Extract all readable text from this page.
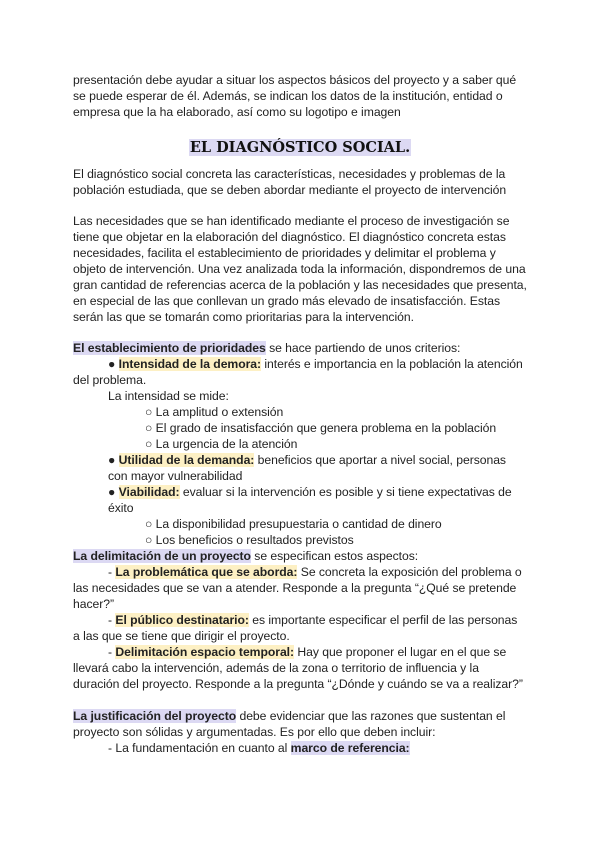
presentación debe ayudar a situar los aspectos básicos del proyecto y a saber qué
se puede esperar de él. Además, se indican los datos de la institución, entidad o
empresa que la ha elaborado, así como su logotipo e imagen
EL DIAGNÓSTICO SOCIAL.
El diagnóstico social concreta las características, necesidades y problemas de la
población estudiada, que se deben abordar mediante el proyecto de intervención
Las necesidades que se han identificado mediante el proceso de investigación se
tiene que objetar en la elaboración del diagnóstico. El diagnóstico concreta estas
necesidades, facilita el establecimiento de prioridades y delimitar el problema y
objeto de intervención. Una vez analizada toda la información, dispondremos de una
gran cantidad de referencias acerca de la población y las necesidades que presenta,
en especial de las que conllevan un grado más elevado de insatisfacción. Estas
serán las que se tomarán como prioritarias para la intervención.
El establecimiento de prioridades se hace partiendo de unos criterios:
● Intensidad de la demora: interés e importancia en la población la atención
del problema.
La intensidad se mide:
○ La amplitud o extensión
○ El grado de insatisfacción que genera problema en la población
○ La urgencia de la atención
● Utilidad de la demanda: beneficios que aportar a nivel social, personas
con mayor vulnerabilidad
● Viabilidad: evaluar si la intervención es posible y si tiene expectativas de
éxito
○ La disponibilidad presupuestaria o cantidad de dinero
○ Los beneficios o resultados previstos
La delimitación de un proyecto se especifican estos aspectos:
- La problemática que se aborda: Se concreta la exposición del problema o
las necesidades que se van a atender. Responde a la pregunta “¿Qué se pretende
hacer?”
- El público destinatario: es importante especificar el perfil de las personas
a las que se tiene que dirigir el proyecto.
- Delimitación espacio temporal: Hay que proponer el lugar en el que se
llevará cabo la intervención, además de la zona o territorio de influencia y la
duración del proyecto. Responde a la pregunta “¿Dónde y cuándo se va a realizar?”
La justificación del proyecto debe evidenciar que las razones que sustentan el
proyecto son sólidas y argumentadas. Es por ello que deben incluir:
- La fundamentación en cuanto al marco de referencia:
